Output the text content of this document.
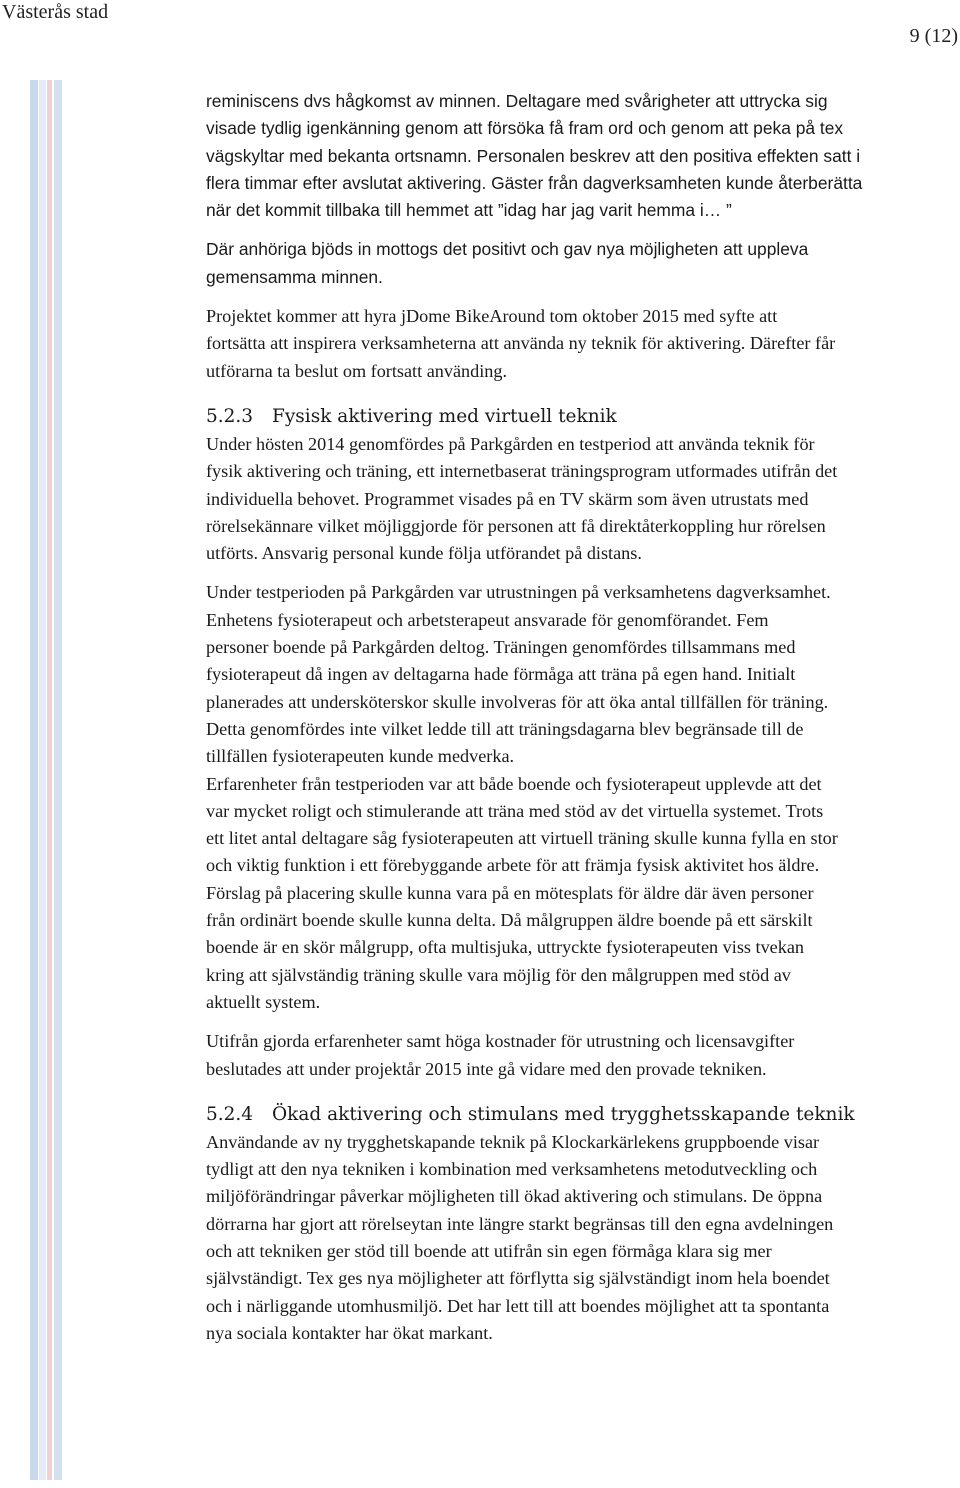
Västerås stad
9 (12)

reminiscens dvs hågkomst av minnen. Deltagare med svårigheter att uttrycka sig
visade tydlig igenkänning genom att försöka få fram ord och genom att peka på tex
vägskyltar med bekanta ortsnamn. Personalen beskrev att den positiva effekten satt i
flera timmar efter avslutat aktivering. Gäster från dagverksamheten kunde återberätta
när det kommit tillbaka till hemmet att ”idag har jag varit hemma i… ”

Där anhöriga bjöds in mottogs det positivt och gav nya möjligheten att uppleva
gemensamma minnen.

Projektet kommer att hyra jDome BikeAround tom oktober 2015 med syfte att
fortsätta att inspirera verksamheterna att använda ny teknik för aktivering. Därefter får
utförarna ta beslut om fortsatt använding.

5.2.3 Fysisk aktivering med virtuell teknik

Under hösten 2014 genomfördes på Parkgården en testperiod att använda teknik för
fysik aktivering och träning, ett internetbaserat träningsprogram utformades utifrån det
individuella behovet. Programmet visades på en TV skärm som även utrustats med
rörelsekännare vilket möjliggjorde för personen att få direktåterkoppling hur rörelsen
utförts. Ansvarig personal kunde följa utförandet på distans.

Under testperioden på Parkgården var utrustningen på verksamhetens dagverksamhet.
Enhetens fysioterapeut och arbetsterapeut ansvarade för genomförandet. Fem
personer boende på Parkgården deltog. Träningen genomfördes tillsammans med
fysioterapeut då ingen av deltagarna hade förmåga att träna på egen hand. Initialt
planerades att undersköterskor skulle involveras för att öka antal tillfällen för träning.
Detta genomfördes inte vilket ledde till att träningsdagarna blev begränsade till de
tillfällen fysioterapeuten kunde medverka.
Erfarenheter från testperioden var att både boende och fysioterapeut upplevde att det
var mycket roligt och stimulerande att träna med stöd av det virtuella systemet. Trots
ett litet antal deltagare såg fysioterapeuten att virtuell träning skulle kunna fylla en stor
och viktig funktion i ett förebyggande arbete för att främja fysisk aktivitet hos äldre.
Förslag på placering skulle kunna vara på en mötesplats för äldre där även personer
från ordinärt boende skulle kunna delta. Då målgruppen äldre boende på ett särskilt
boende är en skör målgrupp, ofta multisjuka, uttryckte fysioterapeuten viss tvekan
kring att självständig träning skulle vara möjlig för den målgruppen med stöd av
aktuellt system.

Utifrån gjorda erfarenheter samt höga kostnader för utrustning och licensavgifter
beslutades att under projektår 2015 inte gå vidare med den provade tekniken.

5.2.4 Ökad aktivering och stimulans med trygghetsskapande teknik

Användande av ny trygghetskapande teknik på Klockarkärlekens gruppboende visar
tydligt att den nya tekniken i kombination med verksamhetens metodutveckling och
miljöförändringar påverkar möjligheten till ökad aktivering och stimulans. De öppna
dörrarna har gjort att rörelseytan inte längre starkt begränsas till den egna avdelningen
och att tekniken ger stöd till boende att utifrån sin egen förmåga klara sig mer
självständigt. Tex ges nya möjligheter att förflytta sig självständigt inom hela boendet
och i närliggande utomhusmiljö. Det har lett till att boendes möjlighet att ta spontanta
nya sociala kontakter har ökat markant.
